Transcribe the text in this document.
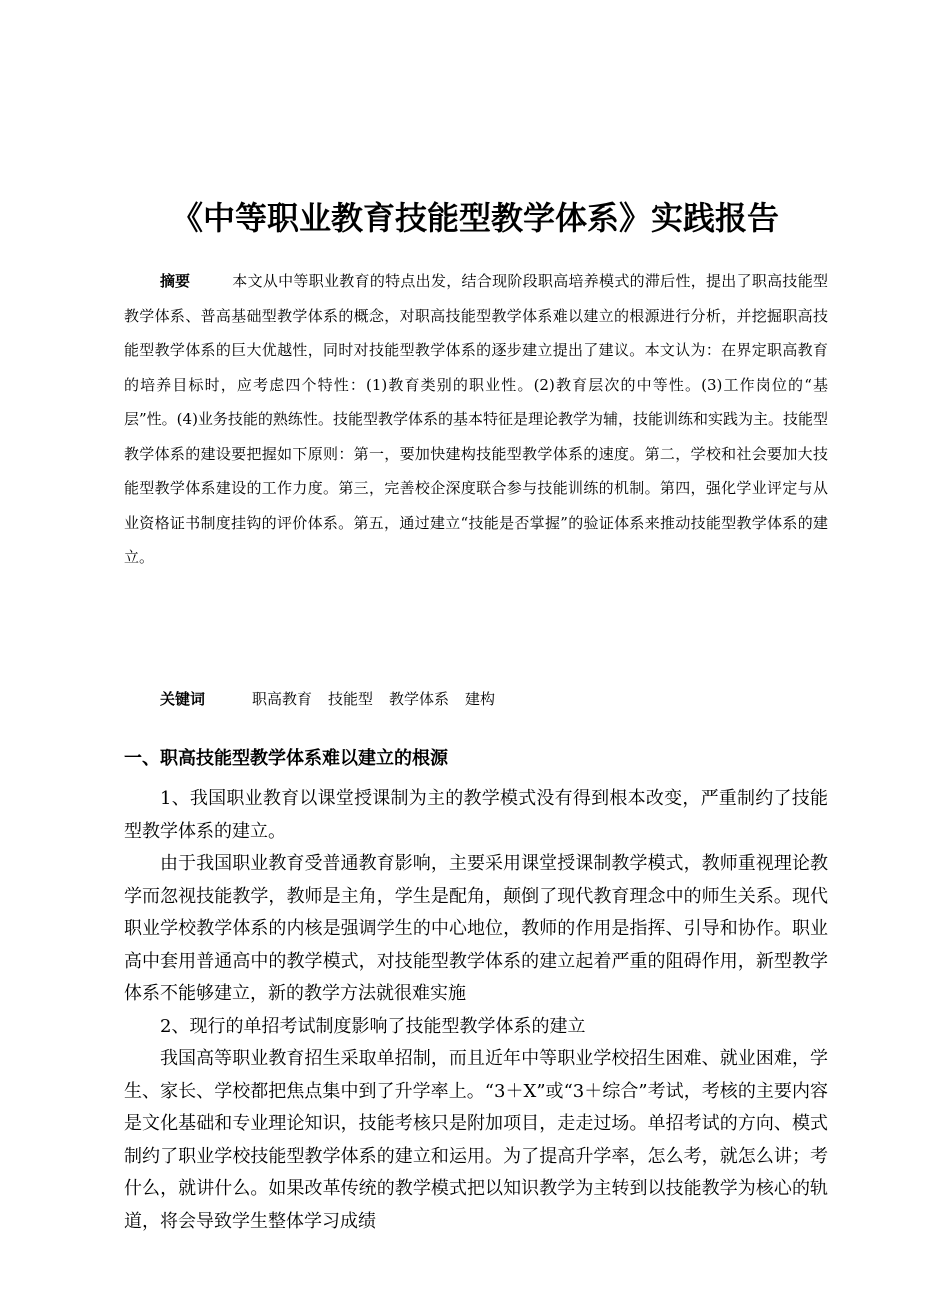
《中等职业教育技能型教学体系》实践报告

摘要	本文从中等职业教育的特点出发，结合现阶段职高培养模式的滞后性，提出了职高技能型教学体系、普高基础型教学体系的概念，对职高技能型教学体系难以建立的根源进行分析，并挖掘职高技能型教学体系的巨大优越性，同时对技能型教学体系的逐步建立提出了建议。本文认为：在界定职高教育的培养目标时，应考虑四个特性：(1)教育类别的职业性。(2)教育层次的中等性。(3)工作岗位的“基层”性。(4)业务技能的熟练性。技能型教学体系的基本特征是理论教学为辅，技能训练和实践为主。技能型教学体系的建设要把握如下原则：第一，要加快建构技能型教学体系的速度。第二，学校和社会要加大技能型教学体系建设的工作力度。第三，完善校企深度联合参与技能训练的机制。第四，强化学业评定与从业资格证书制度挂钩的评价体系。第五，通过建立“技能是否掌握”的验证体系来推动技能型教学体系的建立。

关键词	职高教育 技能型 教学体系 建构

一、职高技能型教学体系难以建立的根源

1、我国职业教育以课堂授课制为主的教学模式没有得到根本改变，严重制约了技能型教学体系的建立。

由于我国职业教育受普通教育影响，主要采用课堂授课制教学模式，教师重视理论教学而忽视技能教学，教师是主角，学生是配角，颠倒了现代教育理念中的师生关系。现代职业学校教学体系的内核是强调学生的中心地位，教师的作用是指挥、引导和协作。职业高中套用普通高中的教学模式，对技能型教学体系的建立起着严重的阻碍作用，新型教学体系不能够建立，新的教学方法就很难实施

2、现行的单招考试制度影响了技能型教学体系的建立

我国高等职业教育招生采取单招制，而且近年中等职业学校招生困难、就业困难，学生、家长、学校都把焦点集中到了升学率上。“3＋X”或“3＋综合”考试，考核的主要内容是文化基础和专业理论知识，技能考核只是附加项目，走走过场。单招考试的方向、模式制约了职业学校技能型教学体系的建立和运用。为了提高升学率，怎么考，就怎么讲；考什么，就讲什么。如果改革传统的教学模式把以知识教学为主转到以技能教学为核心的轨道，将会导致学生整体学习成绩
